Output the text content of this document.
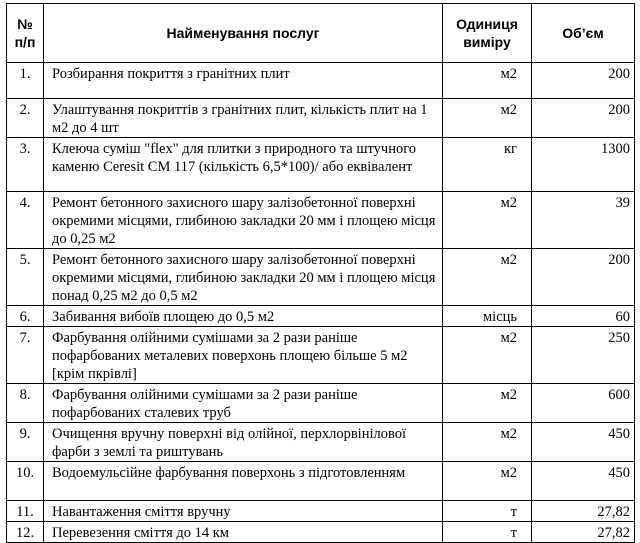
№ п/п	Найменування послуг	Одиниця виміру	Об’єм
1.	Розбирання покриття з гранітних плит	м2	200
2.	Улаштування покриттів з гранітних плит, кількість плит на 1 м2 до 4 шт	м2	200
3.	Клеюча суміш "flex" для плитки з природного та штучного каменю Ceresit CM 117 (кількість 6,5*100)/ або еквівалент	кг	1300
4.	Ремонт бетонного захисного шару залізобетонної поверхні окремими місцями, глибиною закладки 20 мм і площею місця до 0,25 м2	м2	39
5.	Ремонт бетонного захисного шару залізобетонної поверхні окремими місцями, глибиною закладки 20 мм і площею місця понад 0,25 м2 до 0,5 м2	м2	200
6.	Забивання вибоїв площею до 0,5 м2	місць	60
7.	Фарбування олійними сумішами за 2 рази раніше пофарбованих металевих поверхонь площею більше 5 м2 [крім пкрівлі]	м2	250
8.	Фарбування олійними сумішами за 2 рази раніше пофарбованих сталевих труб	м2	600
9.	Очищення вручну поверхні від олійної, перхлорвінілової фарби з землі та риштувань	м2	450
10.	Водоемульсійне фарбування поверхонь з підготовленням	м2	450
11.	Навантаження сміття вручну	т	27,82
12.	Перевезення сміття до 14 км	т	27,82
